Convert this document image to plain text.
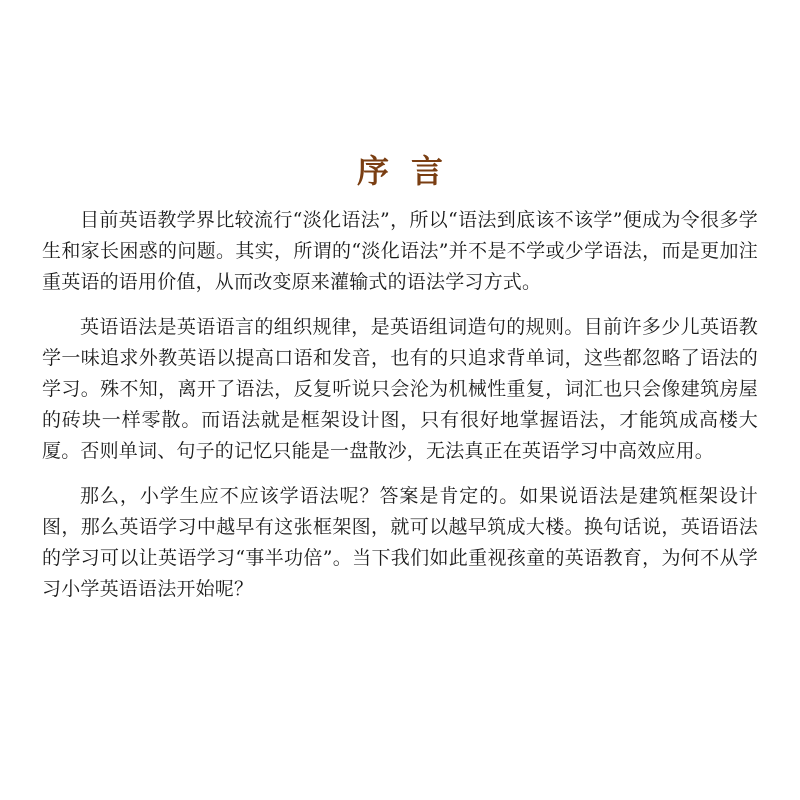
序言

目前英语教学界比较流行“淡化语法”，所以“语法到底该不该学”便成为令很多学生和家长困惑的问题。其实，所谓的“淡化语法”并不是不学或少学语法，而是更加注重英语的语用价值，从而改变原来灌输式的语法学习方式。

英语语法是英语语言的组织规律，是英语组词造句的规则。目前许多少儿英语教学一味追求外教英语以提高口语和发音，也有的只追求背单词，这些都忽略了语法的学习。殊不知，离开了语法，反复听说只会沦为机械性重复，词汇也只会像建筑房屋的砖块一样零散。而语法就是框架设计图，只有很好地掌握语法，才能筑成高楼大厦。否则单词、句子的记忆只能是一盘散沙，无法真正在英语学习中高效应用。

那么，小学生应不应该学语法呢？答案是肯定的。如果说语法是建筑框架设计图，那么英语学习中越早有这张框架图，就可以越早筑成大楼。换句话说，英语语法的学习可以让英语学习“事半功倍”。当下我们如此重视孩童的英语教育，为何不从学习小学英语语法开始呢？
